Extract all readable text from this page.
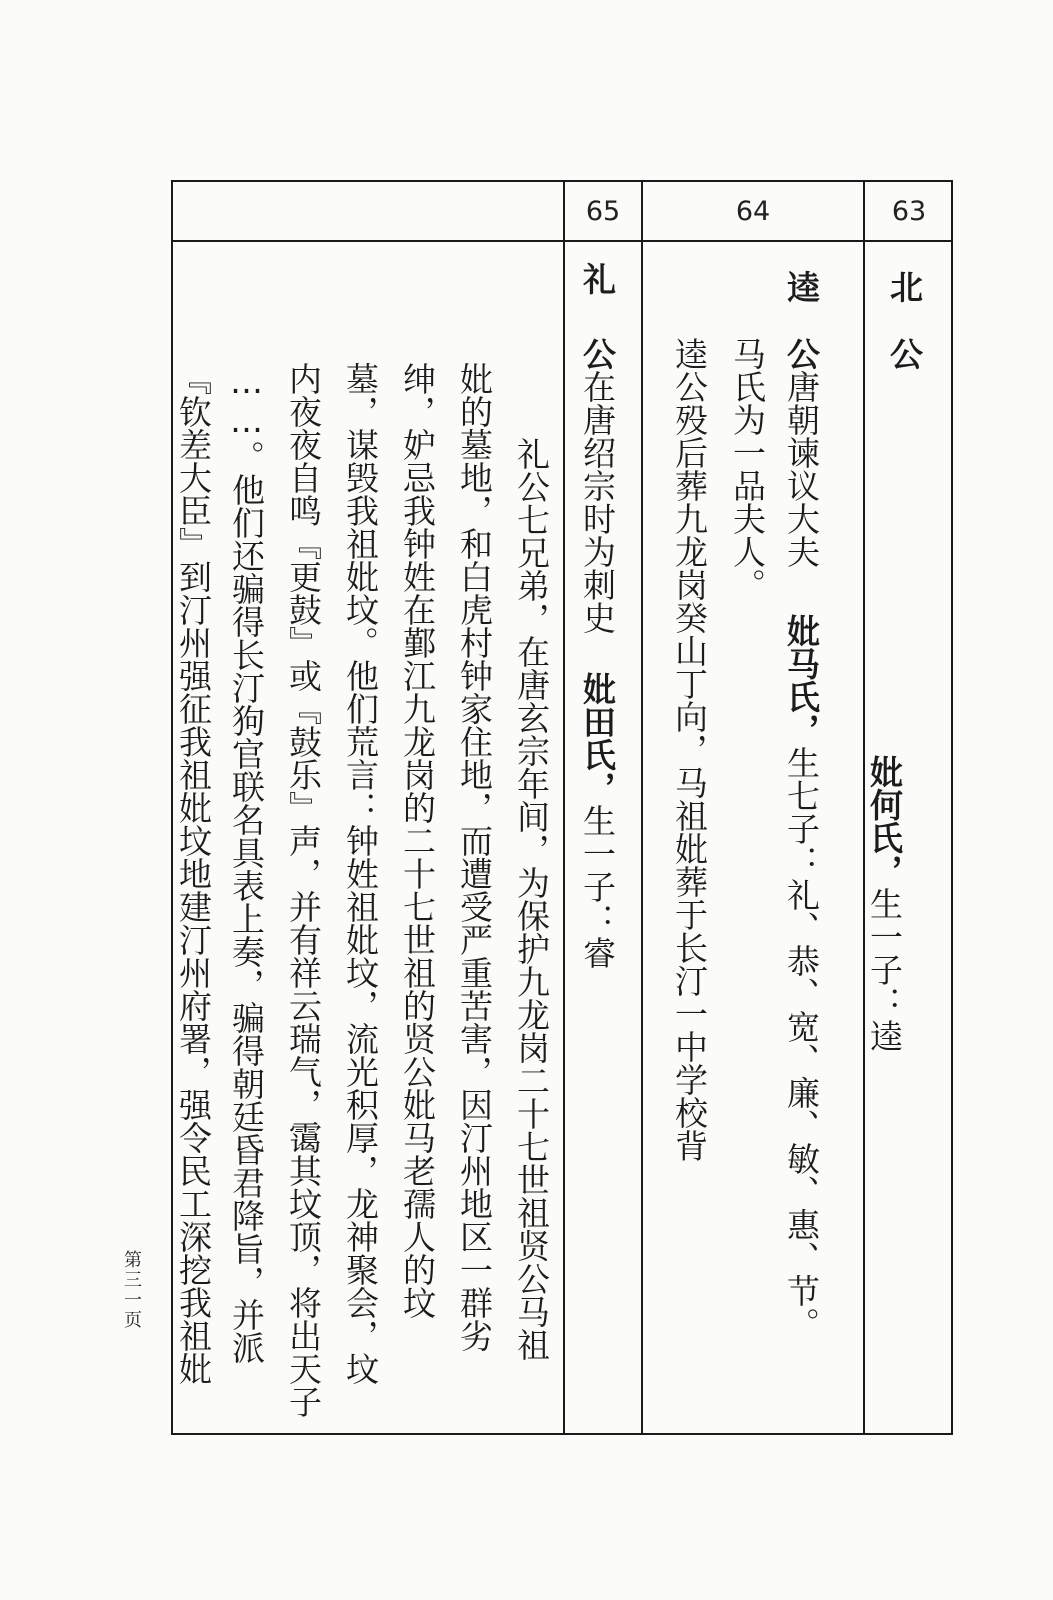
63
64
65
北
公
妣何氏，生一子：逵
逵
公唐朝谏议大夫
妣马氏，生七子：礼、恭、宽、廉、敏、惠、节。
马氏为一品夫人。
逵公殁后葬九龙岗癸山丁向，马祖妣葬于长汀一中学校背
礼
公在唐绍宗时为刺史
妣田氏，生一子：睿
礼公七兄弟，在唐玄宗年间，为保护九龙岗二十七世祖贤公马祖
妣的墓地，和白虎村钟家住地，而遭受严重苦害，因汀州地区一群劣
绅，妒忌我钟姓在鄞江九龙岗的二十七世祖的贤公妣马老孺人的坟
墓，谋毁我祖妣坟。他们荒言：钟姓祖妣坟，流光积厚，龙神聚会，坟
内夜夜自鸣『更鼓』或『鼓乐』声，并有祥云瑞气，霭其坟顶，将出天子
……。他们还骗得长汀狗官联名具表上奏，骗得朝廷昏君降旨，并派
『钦差大臣』到汀州强征我祖妣坟地建汀州府署，强令民工深挖我祖妣
第三一页
